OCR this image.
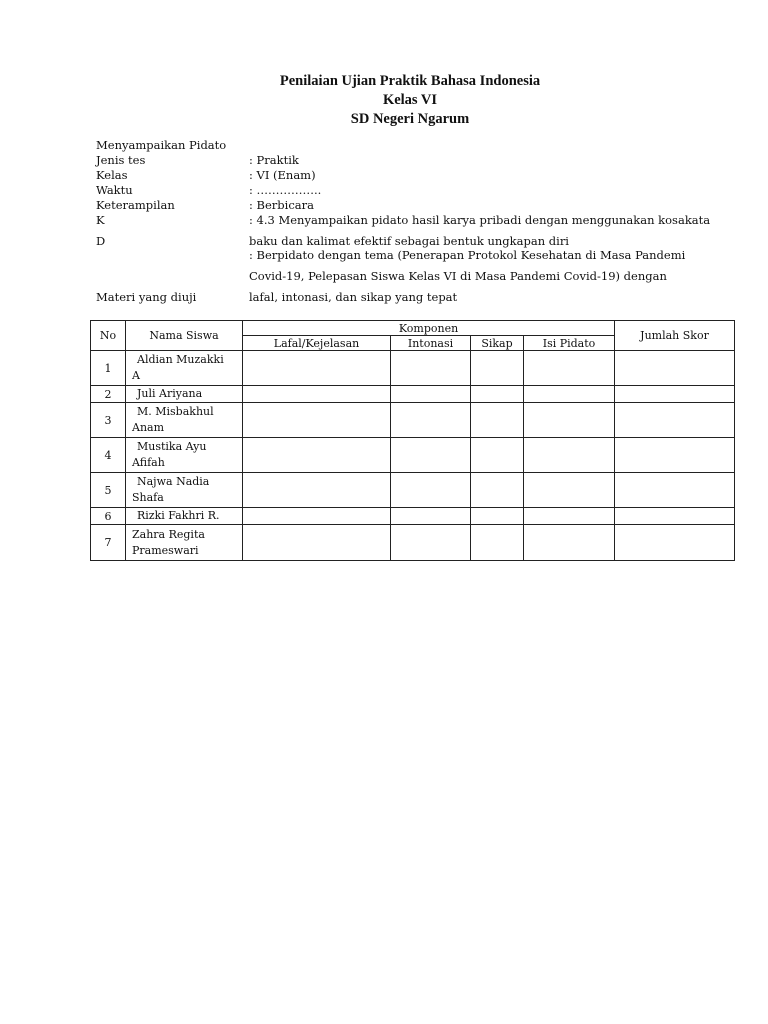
Penilaian Ujian Praktik Bahasa Indonesia
Kelas VI
SD Negeri Ngarum
Menyampaikan Pidato
Jenis tes	: Praktik
Kelas	: VI (Enam)
Waktu	: ……………..
Keterampilan	: Berbicara
K	: 4.3 Menyampaikan pidato hasil karya pribadi dengan menggunakan kosakata
D	baku dan kalimat efektif sebagai bentuk ungkapan diri
: Berpidato dengan tema (Penerapan Protokol Kesehatan di Masa Pandemi
Covid-19, Pelepasan Siswa Kelas VI di Masa Pandemi Covid-19) dengan
Materi yang diuji	lafal, intonasi, dan sikap yang tepat
No	Nama Siswa	Komponen				Jumlah Skor
		Lafal/Kejelasan	Intonasi	Sikap	Isi Pidato	
1	Aldian Muzakki
A					

2	Juli Ariyana					

3	M. Misbakhul
Anam					

4	Mustika Ayu
Afifah					

5	Najwa Nadia
Shafa					

6	Rizki Fakhri R.					

7	Zahra Regita
Prameswari					
